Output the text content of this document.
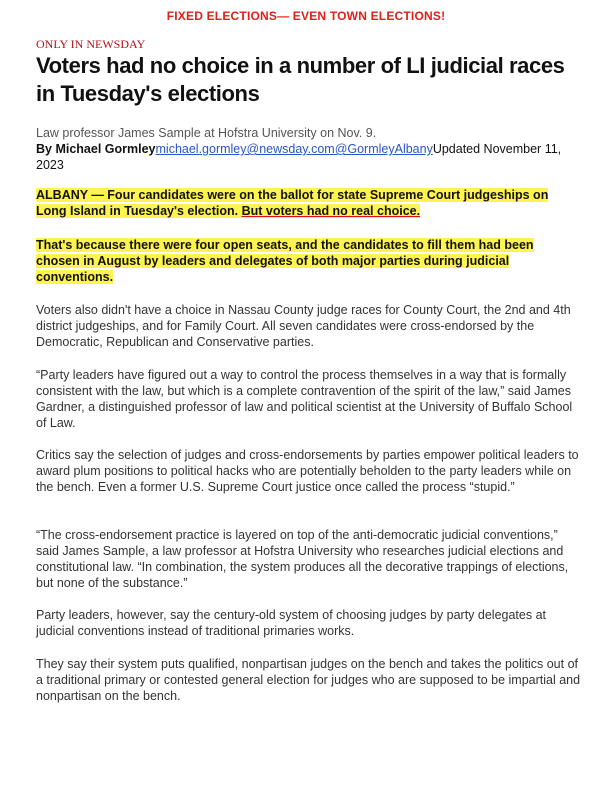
FIXED ELECTIONS— EVEN TOWN ELECTIONS!
ONLY IN NEWSDAY
Voters had no choice in a number of LI judicial races in Tuesday's elections
Law professor James Sample at Hofstra University on Nov. 9.
By Michael Gormleymichael.gormley@newsday.com@GormleyAlbanyUpdated November 11, 2023
ALBANY — Four candidates were on the ballot for state Supreme Court judgeships on Long Island in Tuesday's election. But voters had no real choice.
That's because there were four open seats, and the candidates to fill them had been chosen in August by leaders and delegates of both major parties during judicial conventions.
Voters also didn't have a choice in Nassau County judge races for County Court, the 2nd and 4th district judgeships, and for Family Court. All seven candidates were cross-endorsed by the Democratic, Republican and Conservative parties.
“Party leaders have figured out a way to control the process themselves in a way that is formally consistent with the law, but which is a complete contravention of the spirit of the law,” said James Gardner, a distinguished professor of law and political scientist at the University of Buffalo School of Law.
Critics say the selection of judges and cross-endorsements by parties empower political leaders to award plum positions to political hacks who are potentially beholden to the party leaders while on the bench. Even a former U.S. Supreme Court justice once called the process “stupid.”
“The cross-endorsement practice is layered on top of the anti-democratic judicial conventions,” said James Sample, a law professor at Hofstra University who researches judicial elections and constitutional law. “In combination, the system produces all the decorative trappings of elections, but none of the substance.”
Party leaders, however, say the century-old system of choosing judges by party delegates at judicial conventions instead of traditional primaries works.
They say their system puts qualified, nonpartisan judges on the bench and takes the politics out of a traditional primary or contested general election for judges who are supposed to be impartial and nonpartisan on the bench.
